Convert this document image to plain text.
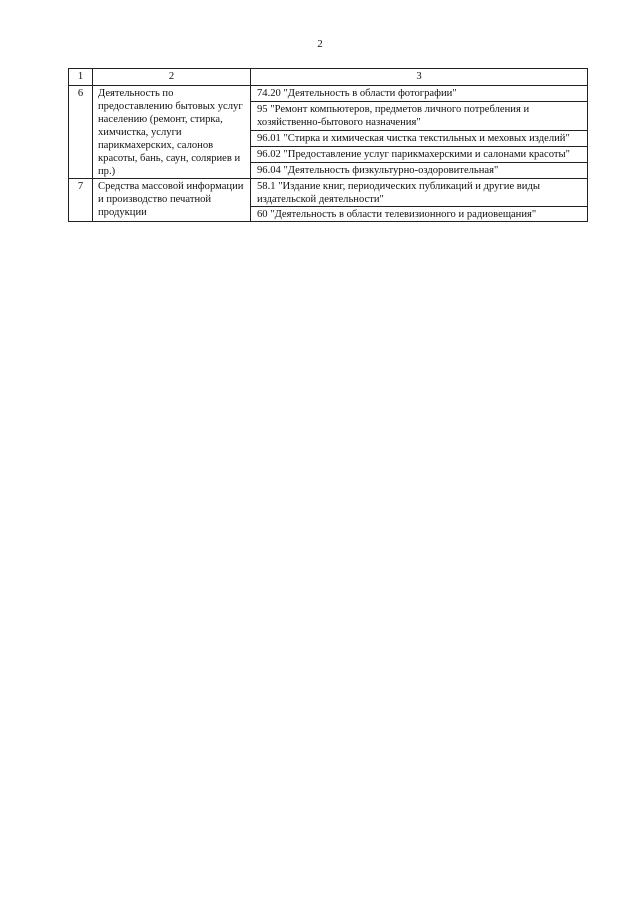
2
1	2	3
6	Деятельность по предоставлению бытовых услуг населению (ремонт, стирка, химчистка, услуги парикмахерских, салонов красоты, бань, саун, соляриев и пр.)	74.20 "Деятельность в области фотографии"
		95 "Ремонт компьютеров, предметов личного потребления и хозяйственно-бытового назначения"
		96.01 "Стирка и химическая чистка текстильных и меховых изделий"
		96.02 "Предоставление услуг парикмахерскими и салонами красоты"
		96.04 "Деятельность физкультурно-оздоровительная"
7	Средства массовой информации и производство печатной продукции	58.1 "Издание книг, периодических публикаций и другие виды издательской деятельности"
		60 "Деятельность в области телевизионного и радиовещания"
